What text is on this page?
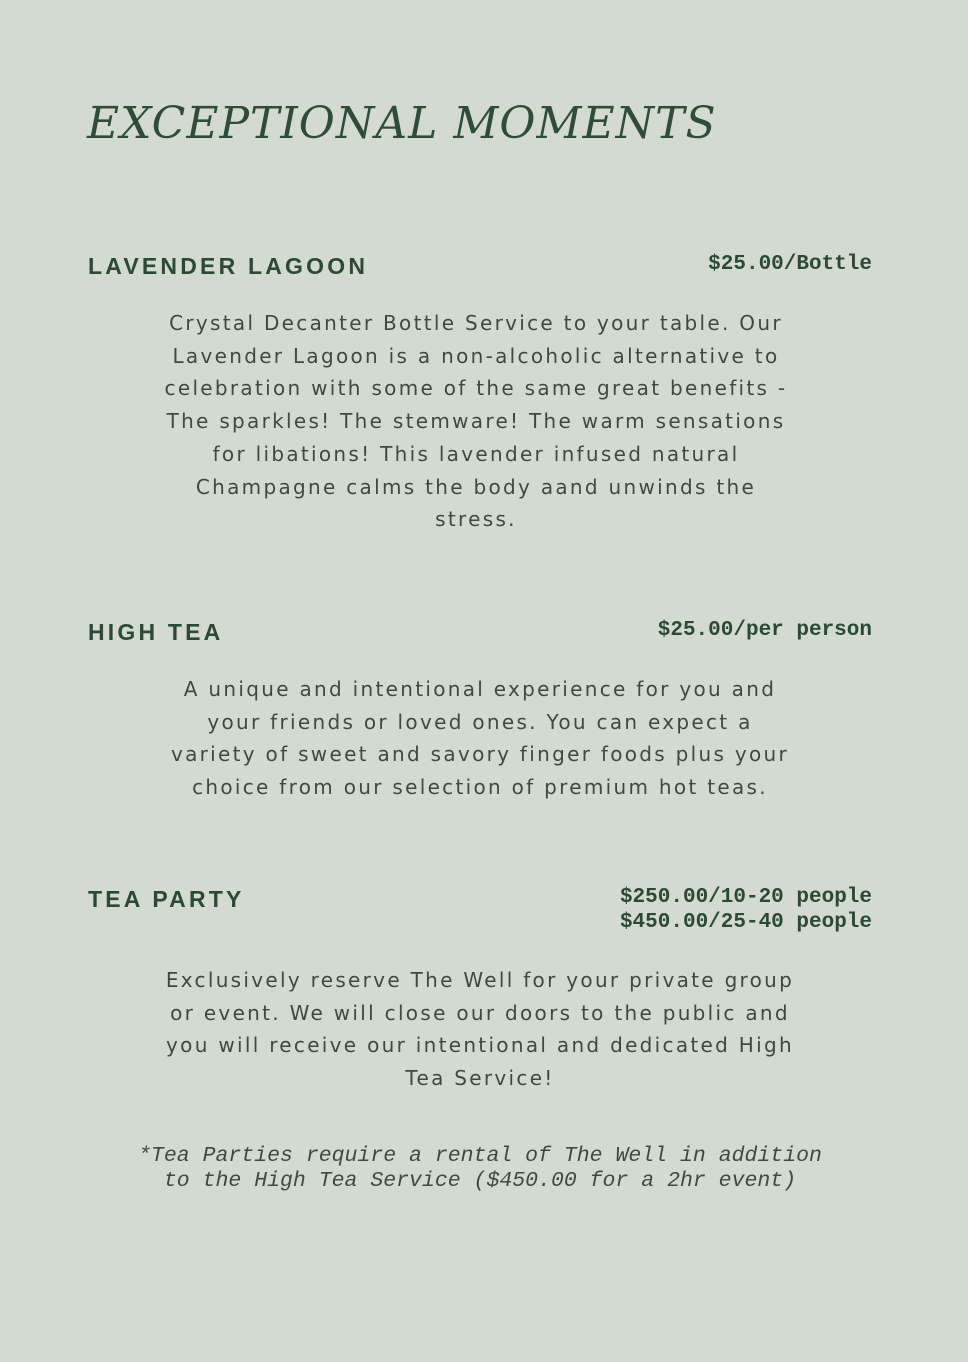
EXCEPTIONAL MOMENTS
LAVENDER LAGOON	$25.00/Bottle
Crystal Decanter Bottle Service to your table. Our
Lavender Lagoon is a non-alcoholic alternative to
celebration with some of the same great benefits -
The sparkles! The stemware! The warm sensations
for libations! This lavender infused natural
Champagne calms the body aand unwinds the
stress.
HIGH TEA	$25.00/per person
A unique and intentional experience for you and
your friends or loved ones. You can expect a
variety of sweet and savory finger foods plus your
choice from our selection of premium hot teas.
TEA PARTY	$250.00/10-20 people
$450.00/25-40 people
Exclusively reserve The Well for your private group
or event. We will close our doors to the public and
you will receive our intentional and dedicated High
Tea Service!
*Tea Parties require a rental of The Well in addition
to the High Tea Service ($450.00 for a 2hr event)
